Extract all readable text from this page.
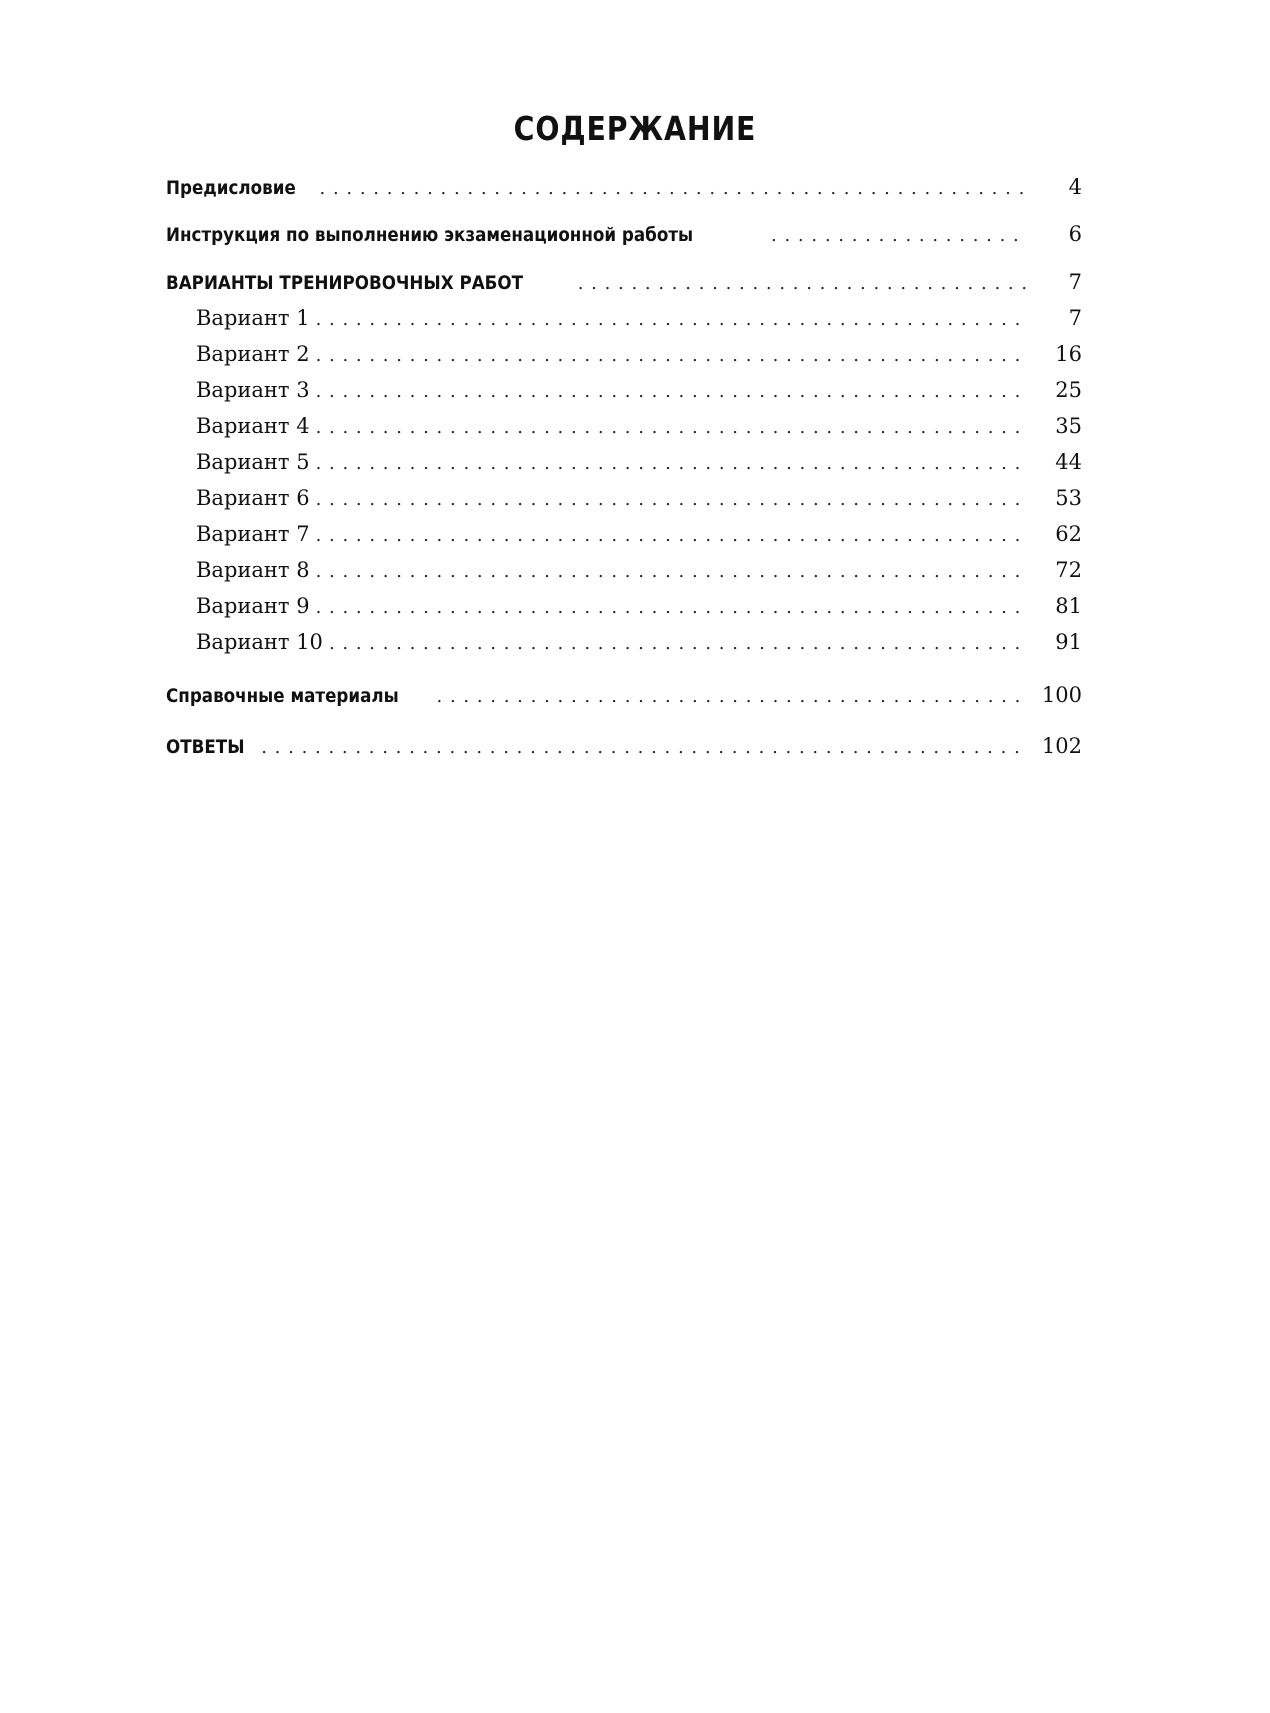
СОДЕРЖАНИЕ
Предисловие . . .	4
Инструкция по выполнению экзаменационной работы . . .	6
ВАРИАНТЫ ТРЕНИРОВОЧНЫХ РАБОТ . . .	7
Вариант 1 . . .	7
Вариант 2 . . .	16
Вариант 3 . . .	25
Вариант 4 . . .	35
Вариант 5 . . .	44
Вариант 6 . . .	53
Вариант 7 . . .	62
Вариант 8 . . .	72
Вариант 9 . . .	81
Вариант 10 . . .	91
Справочные материалы . . .	100
ОТВЕТЫ . . .	102
